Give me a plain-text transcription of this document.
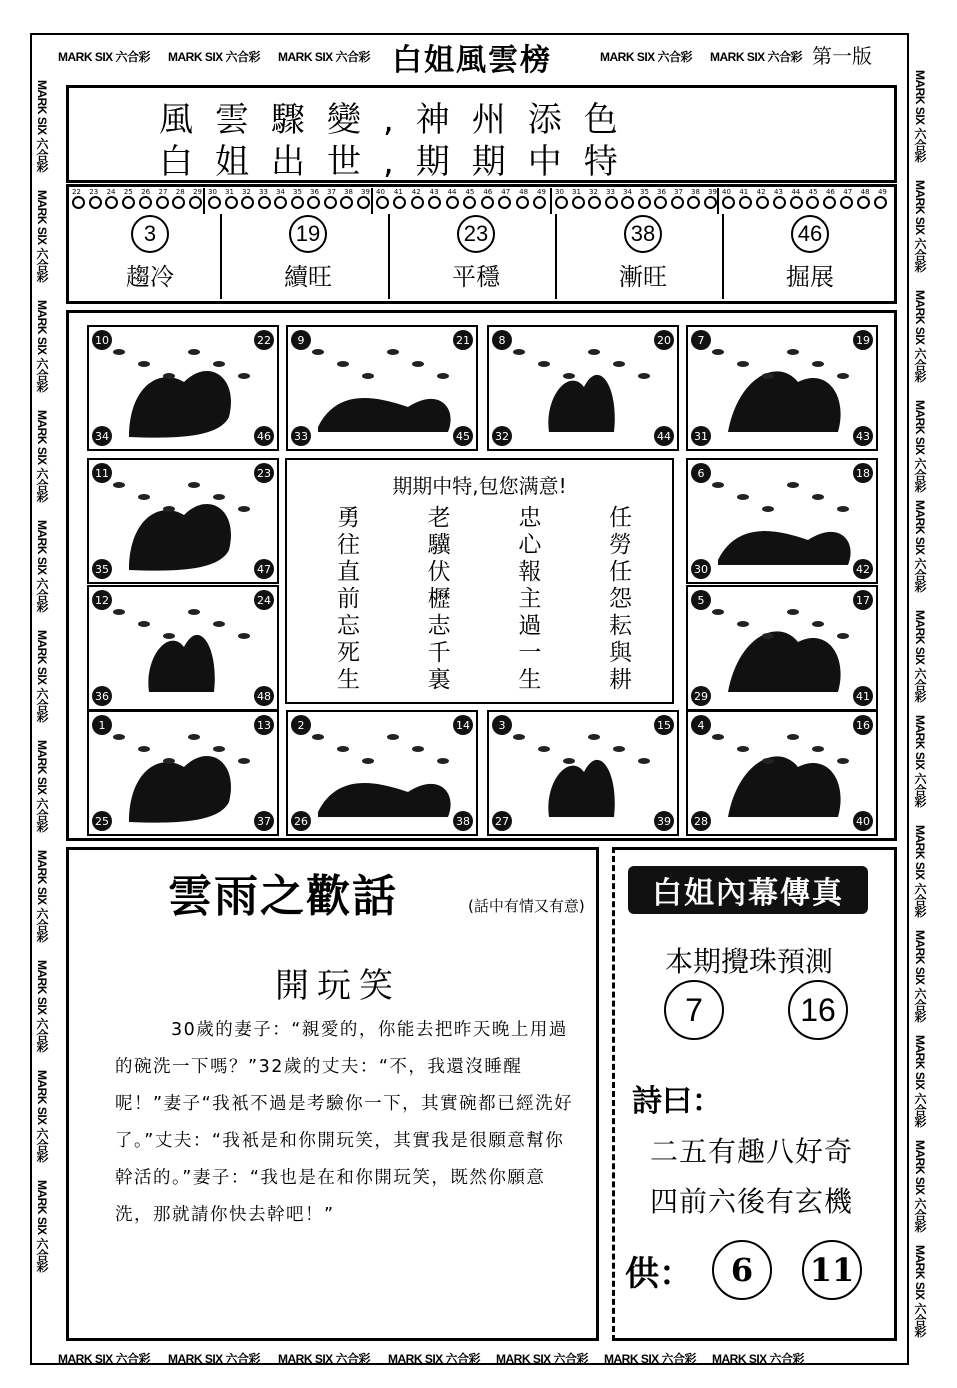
MARK SIX 六合彩 MARK SIX 六合彩 MARK SIX 六合彩	MARK SIX 六合彩 MARK SIX 六合彩
白姐風雲榜	第一版
MARK SIX 六合彩
MARK SIX 六合彩
MARK SIX 六合彩
MARK SIX 六合彩
MARK SIX 六合彩
MARK SIX 六合彩
MARK SIX 六合彩
MARK SIX 六合彩
MARK SIX 六合彩
MARK SIX 六合彩
MARK SIX 六合彩
MARK SIX 六合彩
MARK SIX 六合彩
MARK SIX 六合彩
MARK SIX 六合彩
MARK SIX 六合彩
MARK SIX 六合彩
MARK SIX 六合彩
MARK SIX 六合彩
MARK SIX 六合彩
MARK SIX 六合彩
MARK SIX 六合彩
MARK SIX 六合彩
MARK SIX 六合彩 MARK SIX 六合彩 MARK SIX 六合彩 MARK SIX 六合彩 MARK SIX 六合彩 MARK SIX 六合彩 MARK SIX 六合彩
風雲驟變,神州添色
白姐出世,期期中特
22 23 24 25 26 27 28 29 30 31 32 33 34 35 36 37 38 39 40 41 42 43 44 45 46 47 48 49 30 31 32 33 34 35 36 37 38 39 40 41 42 43 44 45 46 47 48 49
3
趨冷
19
續旺
23
平穩
38
漸旺
46
掘展
10	22
34	46
9	21
33	45
8	20
32	44
7	19
31	43
11	23
35	47
6	18
30	42
12	24
36	48
5	17
29	41
1	13
25	37
2	14
26	38
3	15
27	39
4	16
28	40
期期中特,包您满意!
勇	老	忠	任
往	驥	心	勞
直	伏	報	任
前	櫪	主	怨
忘	志	過	耘
死	千	一	與
生	裏	生	耕
雲雨之歡話	(話中有情又有意)
開玩笑
30歲的妻子：“親愛的，你能去把昨天晚上用過的碗洗一下嗎？”32歲的丈夫：“不，我還沒睡醒呢！”妻子“我衹不過是考驗你一下，其實碗都已經洗好了。”丈夫：“我衹是和你開玩笑，其實我是很願意幫你幹活的。”妻子：“我也是在和你開玩笑，既然你願意洗，那就請你快去幹吧！”
白姐內幕傳真
本期攪珠預測
7	16
詩曰：
二五有趣八好奇
四前六後有玄機
供：	6	11
